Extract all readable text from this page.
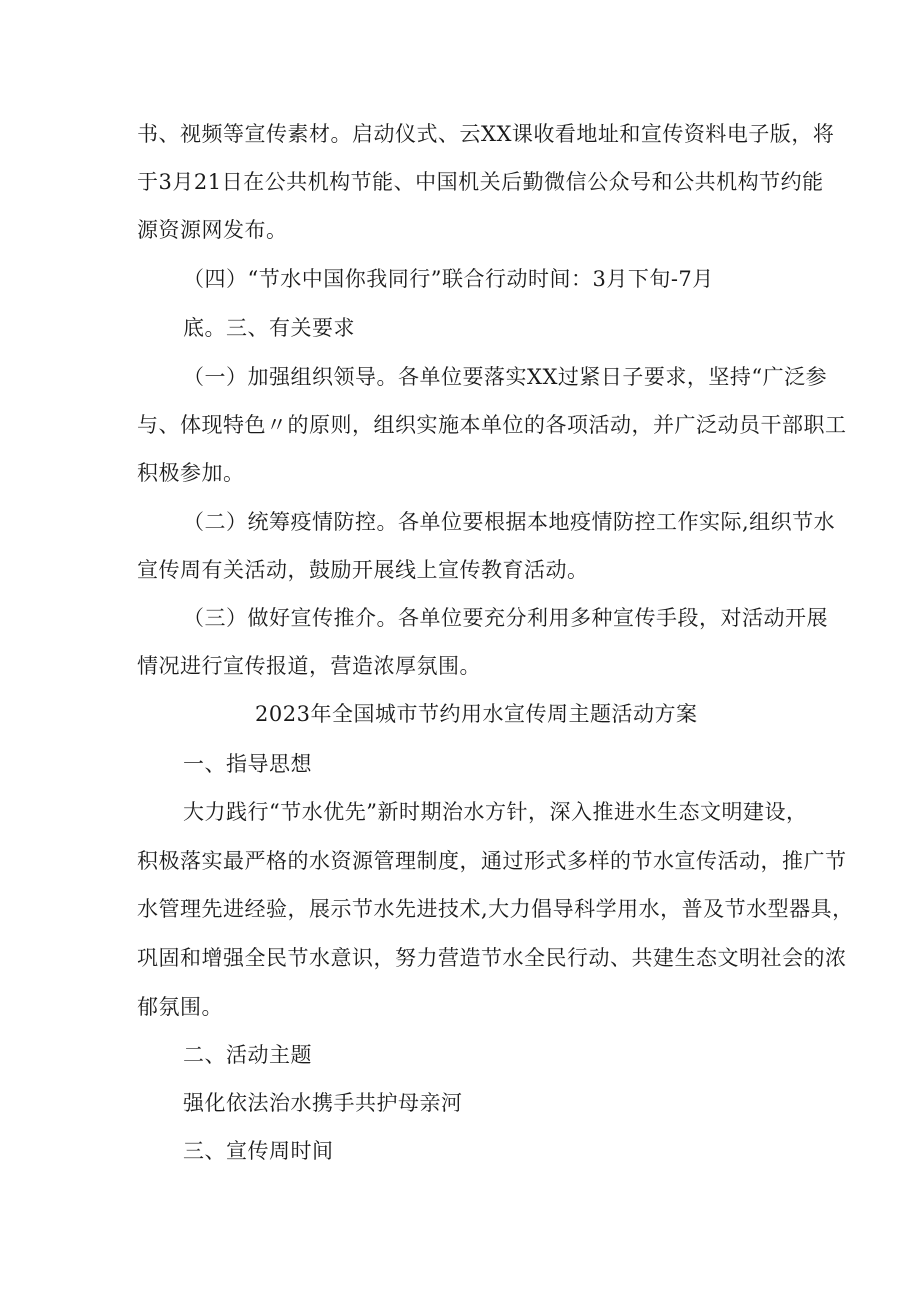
书、视频等宣传素材。启动仪式、云XX课收看地址和宣传资料电子版，将
于3月21日在公共机构节能、中国机关后勤微信公众号和公共机构节约能
源资源网发布。
（四）“节水中国你我同行”联合行动时间：3月下旬-7月
底。三、有关要求
（一）加强组织领导。各单位要落实XX过紧日子要求，坚持“广泛参
与、体现特色〃的原则，组织实施本单位的各项活动，并广泛动员干部职工
积极参加。
（二）统筹疫情防控。各单位要根据本地疫情防控工作实际,组织节水
宣传周有关活动，鼓励开展线上宣传教育活动。
（三）做好宣传推介。各单位要充分利用多种宣传手段，对活动开展
情况进行宣传报道，营造浓厚氛围。
2023年全国城市节约用水宣传周主题活动方案
一、指导思想
大力践行“节水优先”新时期治水方针，深入推进水生态文明建设，
积极落实最严格的水资源管理制度，通过形式多样的节水宣传活动，推广节
水管理先进经验，展示节水先进技术,大力倡导科学用水，普及节水型器具，
巩固和增强全民节水意识，努力营造节水全民行动、共建生态文明社会的浓
郁氛围。
二、活动主题
强化依法治水携手共护母亲河
三、宣传周时间
